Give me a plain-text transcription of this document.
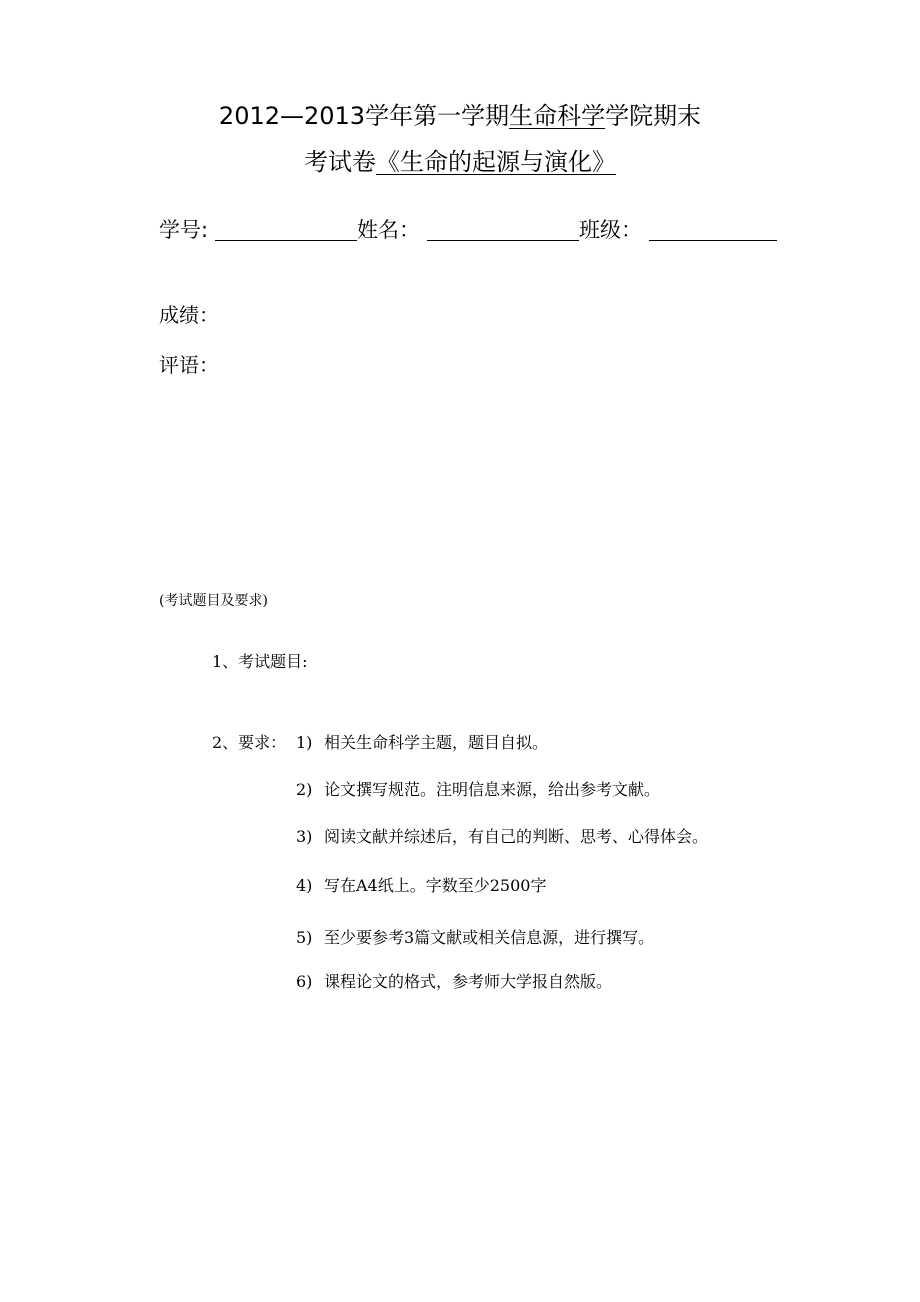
2012—2013学年第一学期生命科学学院期末
考试卷《生命的起源与演化》
学号:	姓名：	班级：
成绩：
评语：
(考试题目及要求)
1、考试题目:
2、要求： 1) 相关生命科学主题，题目自拟。
2) 论文撰写规范。注明信息来源，给出参考文献。
3) 阅读文献并综述后，有自己的判断、思考、心得体会。
4) 写在A4纸上。字数至少2500字
5) 至少要参考3篇文献或相关信息源，进行撰写。
6) 课程论文的格式，参考师大学报自然版。
